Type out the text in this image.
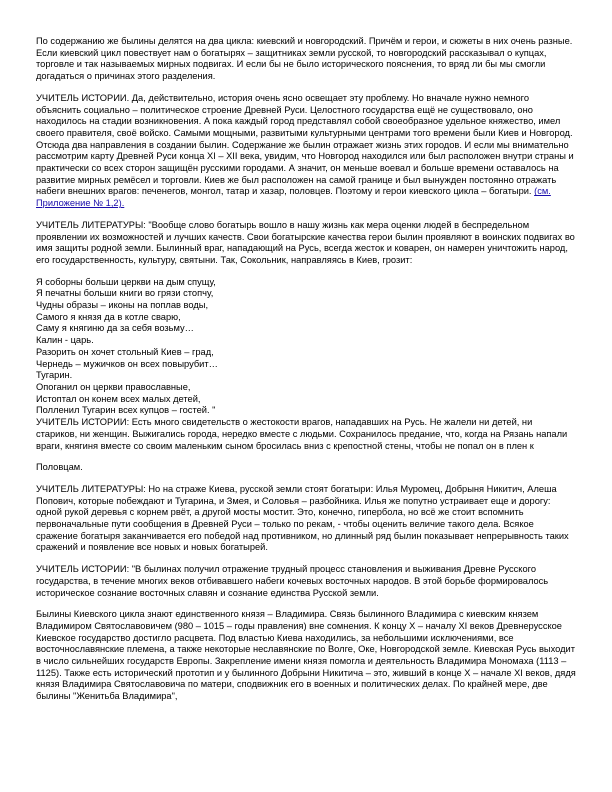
По содержанию же былины делятся на два цикла: киевский и новгородский. Причём и герои, и сюжеты в них очень разные. Если киевский цикл повествует нам о богатырях – защитниках земли русской, то новгородский рассказывал о купцах, торговле и так называемых мирных подвигах. И если бы не было исторического пояснения, то вряд ли бы мы смогли догадаться о причинах этого разделения.

УЧИТЕЛЬ ИСТОРИИ. Да, действительно, история очень ясно освещает эту проблему. Но вначале нужно немного объяснить социально – политическое строение Древней Руси. Целостного государства ещё не существовало, оно находилось на стадии возникновения. А пока каждый город представлял собой своеобразное удельное княжество, имел своего правителя, своё войско. Самыми мощными, развитыми культурными центрами того времени были Киев и Новгород. Отсюда два направления в создании былин. Содержание же былин отражает жизнь этих городов. И если мы внимательно рассмотрим карту Древней Руси конца XI – XII века, увидим, что Новгород находился или был расположен внутри страны и практически со всех сторон защищён русскими городами. А значит, он меньше воевал и больше времени оставалось на развитие мирных ремёсел и торговли. Киев же был расположен на самой границе и был вынужден постоянно отражать набеги внешних врагов: печенегов, монгол, татар и хазар, половцев. Поэтому и герои киевского цикла – богатыри. (см. Приложение № 1,2).

УЧИТЕЛЬ ЛИТЕРАТУРЫ: "Вообще слово богатырь вошло в нашу жизнь как мера оценки людей в беспредельном проявлении их возможностей и лучших качеств. Свои богатырские качества герои былин проявляют в воинских подвигах во имя защиты родной земли. Былинный враг, нападающий на Русь, всегда жесток и коварен, он намерен уничтожить народ, его государственность, культуру, святыни. Так, Сокольник, направляясь в Киев, грозит:

Я соборны больши церкви на дым спущу,
Я печатны больши книги во грязи стопчу,
Чудны образы – иконы на поплав воды,
Самого я князя да в котле сварю,
Саму я княгиню да за себя возьму…
Калин - царь.
Разорить он хочет стольный Киев – град,
Чернедь – мужичков он всех повырубит…
Тугарин.
Опоганил он церкви православные,
Истоптал он конем всех малых детей,
Полленил Тугарин всех купцов – гостей. "

УЧИТЕЛЬ ИСТОРИИ: Есть много свидетельств о жестокости врагов, нападавших на Русь. Не жалели ни детей, ни стариков, ни женщин. Выжигались города, нередко вместе с людьми. Сохранилось предание, что, когда на Рязань напали враги, княгиня вместе со своим маленьким сыном бросилась вниз с крепостной стены, чтобы не попал он в плен к

Половцам.

УЧИТЕЛЬ ЛИТЕРАТУРЫ: Но на страже Киева, русской земли стоят богатыри: Илья Муромец, Добрыня Никитич, Алеша Попович, которые побеждают и Тугарина, и Змея, и Соловья – разбойника. Илья же попутно устраивает еще и дорогу: одной рукой деревья с корнем рвёт, а другой мосты мостит. Это, конечно, гипербола, но всё же стоит вспомнить первоначальные пути сообщения в Древней Руси – только по рекам, - чтобы оценить величие такого дела. Всякое сражение богатыря заканчивается его победой над противником, но длинный ряд былин показывает непрерывность таких сражений и появление все новых и новых богатырей.

УЧИТЕЛЬ ИСТОРИИ: "В былинах получил отражение трудный процесс становления и выживания Древне Русского государства, в течение многих веков отбивавшего набеги кочевых восточных народов. В этой борьбе формировалось историческое сознание восточных славян и сознание единства Русской земли.

Былины Киевского цикла знают единственного князя – Владимира. Связь былинного Владимира с киевским князем Владимиром Святославовичем (980 – 1015 – годы правления) вне сомнения. К концу X – началу XI веков Древнерусское Киевское государство достигло расцвета. Под властью Киева находились, за небольшими исключениями, все восточнославянские племена, а также некоторые неславянские по Волге, Оке, Новгородской земле. Киевская Русь выходит в число сильнейших государств Европы. Закрепление имени князя помогла и деятельность Владимира Мономаха (1113 – 1125). Также есть исторический прототип и у былинного Добрыни Никитича – это, живший в конце X – начале XI веков, дядя князя Владимира Святославовича по матери, сподвижник его в военных и политических делах. По крайней мере, две былины "Женитьба Владимира",
